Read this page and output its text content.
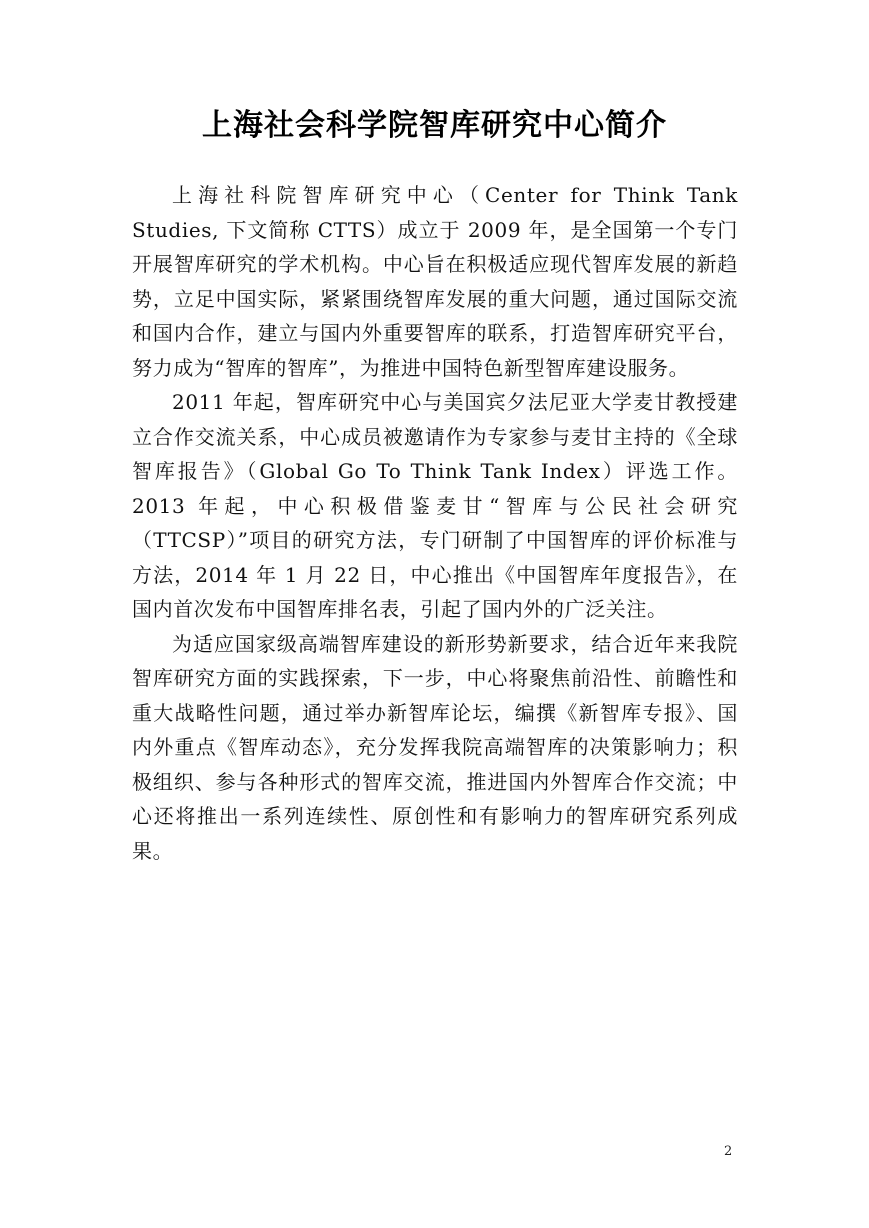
上海社会科学院智库研究中心简介

上海社科院智库研究中心（Center for Think Tank Studies, 下文简称 CTTS）成立于 2009 年，是全国第一个专门开展智库研究的学术机构。中心旨在积极适应现代智库发展的新趋势，立足中国实际，紧紧围绕智库发展的重大问题，通过国际交流和国内合作，建立与国内外重要智库的联系，打造智库研究平台，努力成为“智库的智库”，为推进中国特色新型智库建设服务。

2011 年起，智库研究中心与美国宾夕法尼亚大学麦甘教授建立合作交流关系，中心成员被邀请作为专家参与麦甘主持的《全球智库报告》（Global Go To Think Tank Index）评选工作。2013 年起，中心积极借鉴麦甘“智库与公民社会研究（TTCSP）”项目的研究方法，专门研制了中国智库的评价标准与方法，2014 年 1 月 22 日，中心推出《中国智库年度报告》，在国内首次发布中国智库排名表，引起了国内外的广泛关注。

为适应国家级高端智库建设的新形势新要求，结合近年来我院智库研究方面的实践探索，下一步，中心将聚焦前沿性、前瞻性和重大战略性问题，通过举办新智库论坛，编撰《新智库专报》、国内外重点《智库动态》，充分发挥我院高端智库的决策影响力；积极组织、参与各种形式的智库交流，推进国内外智库合作交流；中心还将推出一系列连续性、原创性和有影响力的智库研究系列成果。

2
